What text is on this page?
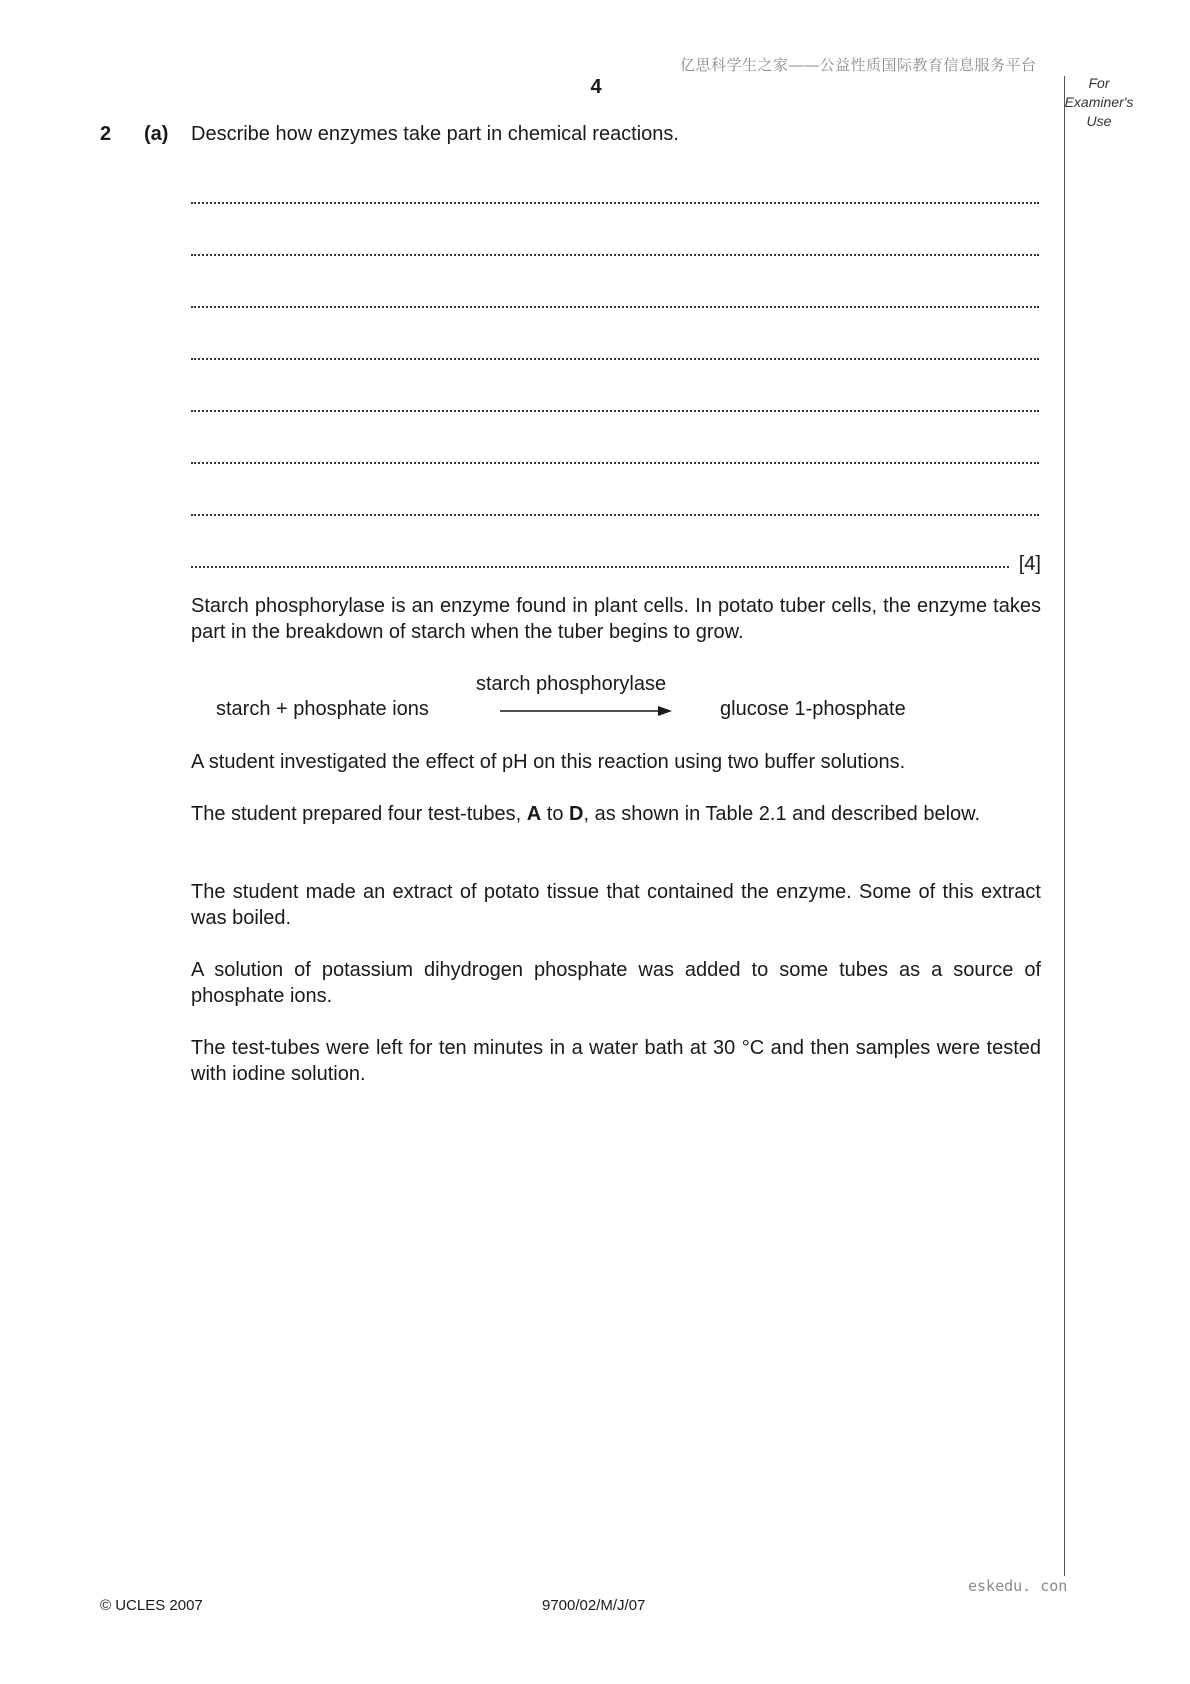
亿思科学生之家——公益性质国际教育信息服务平台
4	For Examiner's Use
2 (a) Describe how enzymes take part in chemical reactions.
[4]
Starch phosphorylase is an enzyme found in plant cells. In potato tuber cells, the enzyme takes part in the breakdown of starch when the tuber begins to grow.
starch phosphorylase
starch + phosphate ions	glucose 1-phosphate
A student investigated the effect of pH on this reaction using two buffer solutions.
The student prepared four test-tubes, A to D, as shown in Table 2.1 and described below.
The student made an extract of potato tissue that contained the enzyme. Some of this extract was boiled.
A solution of potassium dihydrogen phosphate was added to some tubes as a source of phosphate ions.
The test-tubes were left for ten minutes in a water bath at 30 °C and then samples were tested with iodine solution.
eskedu. con
© UCLES 2007	9700/02/M/J/07
